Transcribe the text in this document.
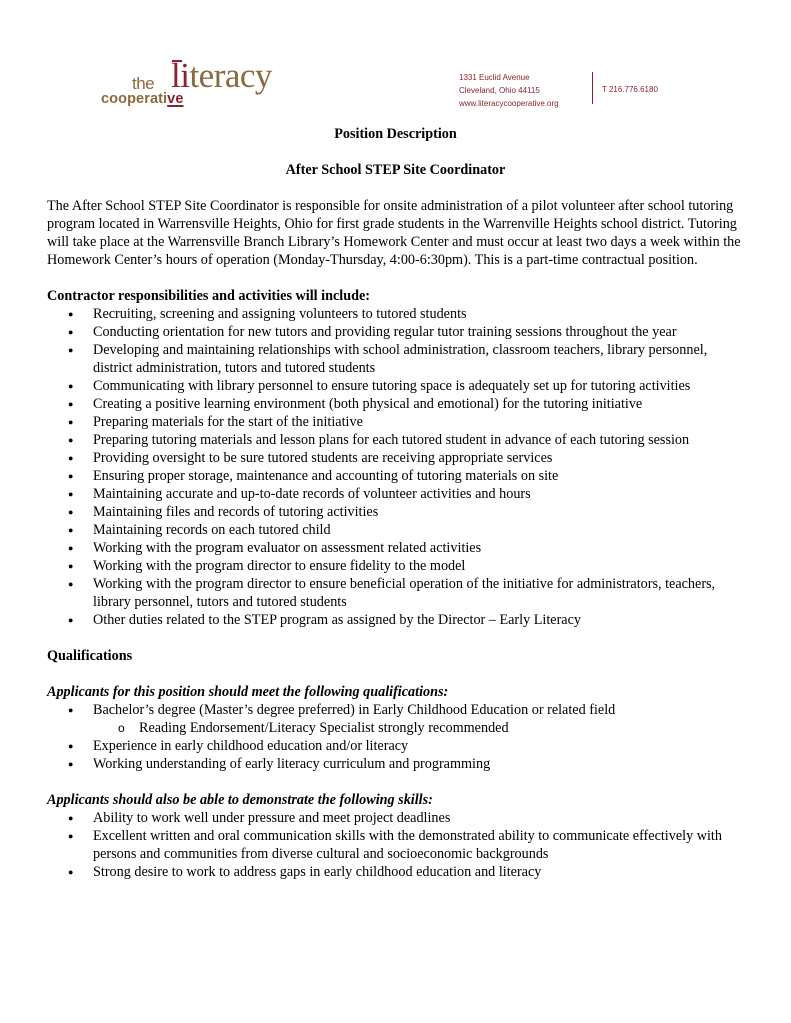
the literacy
cooperative
1331 Euclid Avenue
Cleveland, Ohio 44115
www.literacycooperative.org
T 216.776.6180
Position Description
After School STEP Site Coordinator

The After School STEP Site Coordinator is responsible for onsite administration of a pilot volunteer after school tutoring program located in Warrensville Heights, Ohio for first grade students in the Warrenville Heights school district. Tutoring will take place at the Warrensville Branch Library’s Homework Center and must occur at least two days a week within the Homework Center’s hours of operation (Monday-Thursday, 4:00-6:30pm). This is a part-time contractual position.

Contractor responsibilities and activities will include:
● Recruiting, screening and assigning volunteers to tutored students
● Conducting orientation for new tutors and providing regular tutor training sessions throughout the year
● Developing and maintaining relationships with school administration, classroom teachers, library personnel, district administration, tutors and tutored students
● Communicating with library personnel to ensure tutoring space is adequately set up for tutoring activities
● Creating a positive learning environment (both physical and emotional) for the tutoring initiative
● Preparing materials for the start of the initiative
● Preparing tutoring materials and lesson plans for each tutored student in advance of each tutoring session
● Providing oversight to be sure tutored students are receiving appropriate services
● Ensuring proper storage, maintenance and accounting of tutoring materials on site
● Maintaining accurate and up-to-date records of volunteer activities and hours
● Maintaining files and records of tutoring activities
● Maintaining records on each tutored child
● Working with the program evaluator on assessment related activities
● Working with the program director to ensure fidelity to the model
● Working with the program director to ensure beneficial operation of the initiative for administrators, teachers, library personnel, tutors and tutored students
● Other duties related to the STEP program as assigned by the Director – Early Literacy
Qualifications
Applicants for this position should meet the following qualifications:
● Bachelor’s degree (Master’s degree preferred) in Early Childhood Education or related field
o Reading Endorsement/Literacy Specialist strongly recommended
● Experience in early childhood education and/or literacy
● Working understanding of early literacy curriculum and programming
Applicants should also be able to demonstrate the following skills:
● Ability to work well under pressure and meet project deadlines
● Excellent written and oral communication skills with the demonstrated ability to communicate effectively with persons and communities from diverse cultural and socioeconomic backgrounds
● Strong desire to work to address gaps in early childhood education and literacy
